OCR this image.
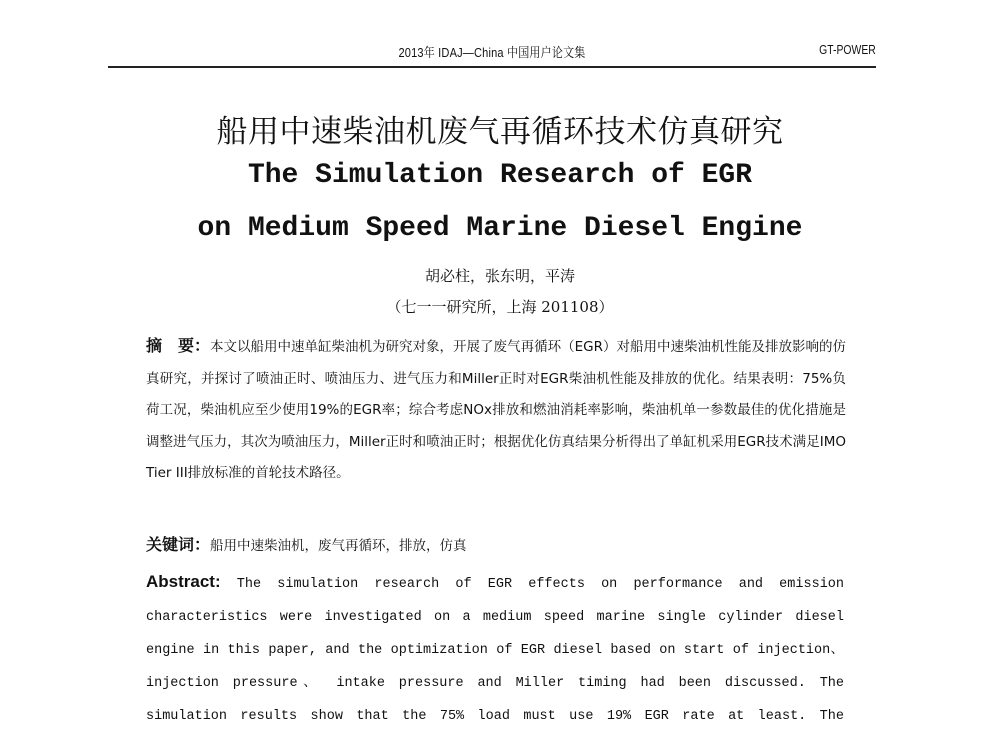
2013年 IDAJ—China 中国用户论文集	GT-POWER
船用中速柴油机废气再循环技术仿真研究
The Simulation Research of EGR
on Medium Speed Marine Diesel Engine
胡必柱，张东明，平涛
（七一一研究所，上海 201108）
摘　要：本文以船用中速单缸柴油机为研究对象，开展了废气再循环（EGR）对船用中速柴油机性能及排放影响的仿真研究，并探讨了喷油正时、喷油压力、进气压力和Miller正时对EGR柴油机性能及排放的优化。结果表明：75%负荷工况，柴油机应至少使用19%的EGR率；综合考虑NOx排放和燃油消耗率影响，柴油机单一参数最佳的优化措施是调整进气压力，其次为喷油压力，Miller正时和喷油正时；根据优化仿真结果分析得出了单缸机采用EGR技术满足IMO Tier III排放标准的首轮技术路径。
关键词：船用中速柴油机，废气再循环，排放，仿真
Abstract: The simulation research of EGR effects on performance and emission
characteristics were investigated on a medium speed marine single cylinder diesel
engine in this paper, and the optimization of EGR diesel based on start of injection、
injection pressure、 intake pressure and Miller timing had been discussed. The
simulation results show that the 75% load must use 19% EGR rate at least. The
